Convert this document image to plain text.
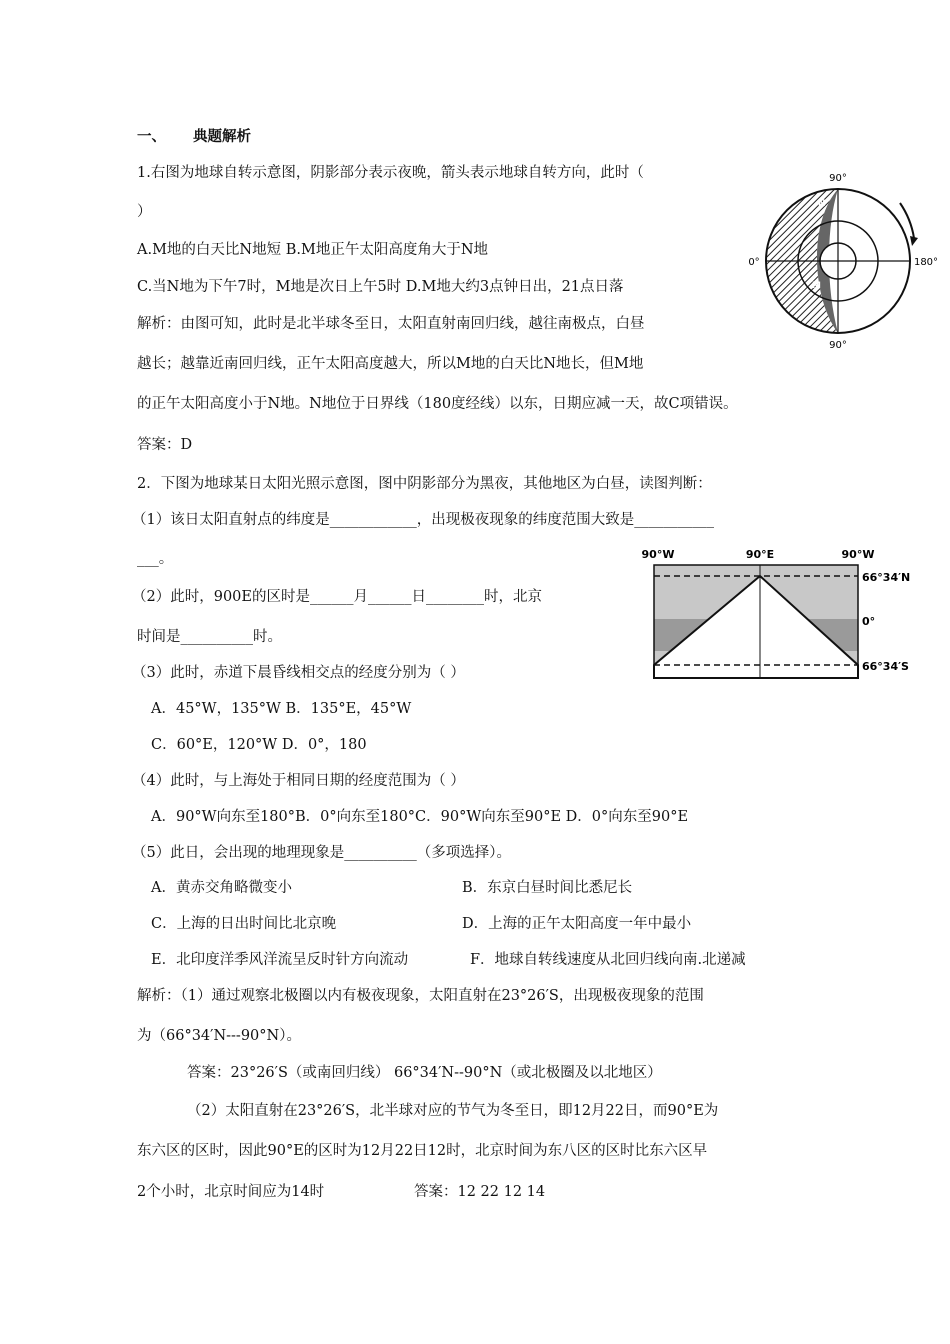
一、 典题解析
1.右图为地球自转示意图，阴影部分表示夜晚，箭头表示地球自转方向，此时（
）
A.M地的白天比N地短 B.M地正午太阳高度角大于N地
C.当N地为下午7时，M地是次日上午5时 D.M地大约3点钟日出，21点日落
解析：由图可知，此时是北半球冬至日，太阳直射南回归线，越往南极点，白昼
越长；越靠近南回归线，正午太阳高度越大，所以M地的白天比N地长，但M地
的正午太阳高度小于N地。N地位于日界线（180度经线）以东，日期应减一天，故C项错误。
答案：D
90°
90°
0°	180°
N
M
2．下图为地球某日太阳光照示意图，图中阴影部分为黑夜，其他地区为白昼，读图判断：
（1）该日太阳直射点的纬度是____________，出现极夜现象的纬度范围大致是___________
___。
（2）此时，900E的区时是______月______日________时，北京
时间是__________时。
（3）此时，赤道下晨昏线相交点的经度分别为（ ）
A．45°W，135°W B．135°E，45°W
C．60°E，120°W D．0°，180
（4）此时，与上海处于相同日期的经度范围为（ ）
A．90°W向东至180°B．0°向东至180°C．90°W向东至90°E D．0°向东至90°E
（5）此日，会出现的地理现象是__________（多项选择）。
A．黄赤交角略微变小	B．东京白昼时间比悉尼长
C．上海的日出时间比北京晚	D．上海的正午太阳高度一年中最小
E．北印度洋季风洋流呈反时针方向流动	F．地球自转线速度从北回归线向南.北递减
解析：（1）通过观察北极圈以内有极夜现象，太阳直射在23°26′S，出现极夜现象的范围
为（66°34′N---90°N）。
答案：23°26′S（或南回归线） 66°34′N--90°N（或北极圈及以北地区）
（2）太阳直射在23°26′S，北半球对应的节气为冬至日，即12月22日，而90°E为
东六区的区时，因此90°E的区时为12月22日12时，北京时间为东八区的区时比东六区早
2个小时，北京时间应为14时	答案：12 22 12 14
90°W	90°E	90°W
66°34′N
0°
66°34′S
